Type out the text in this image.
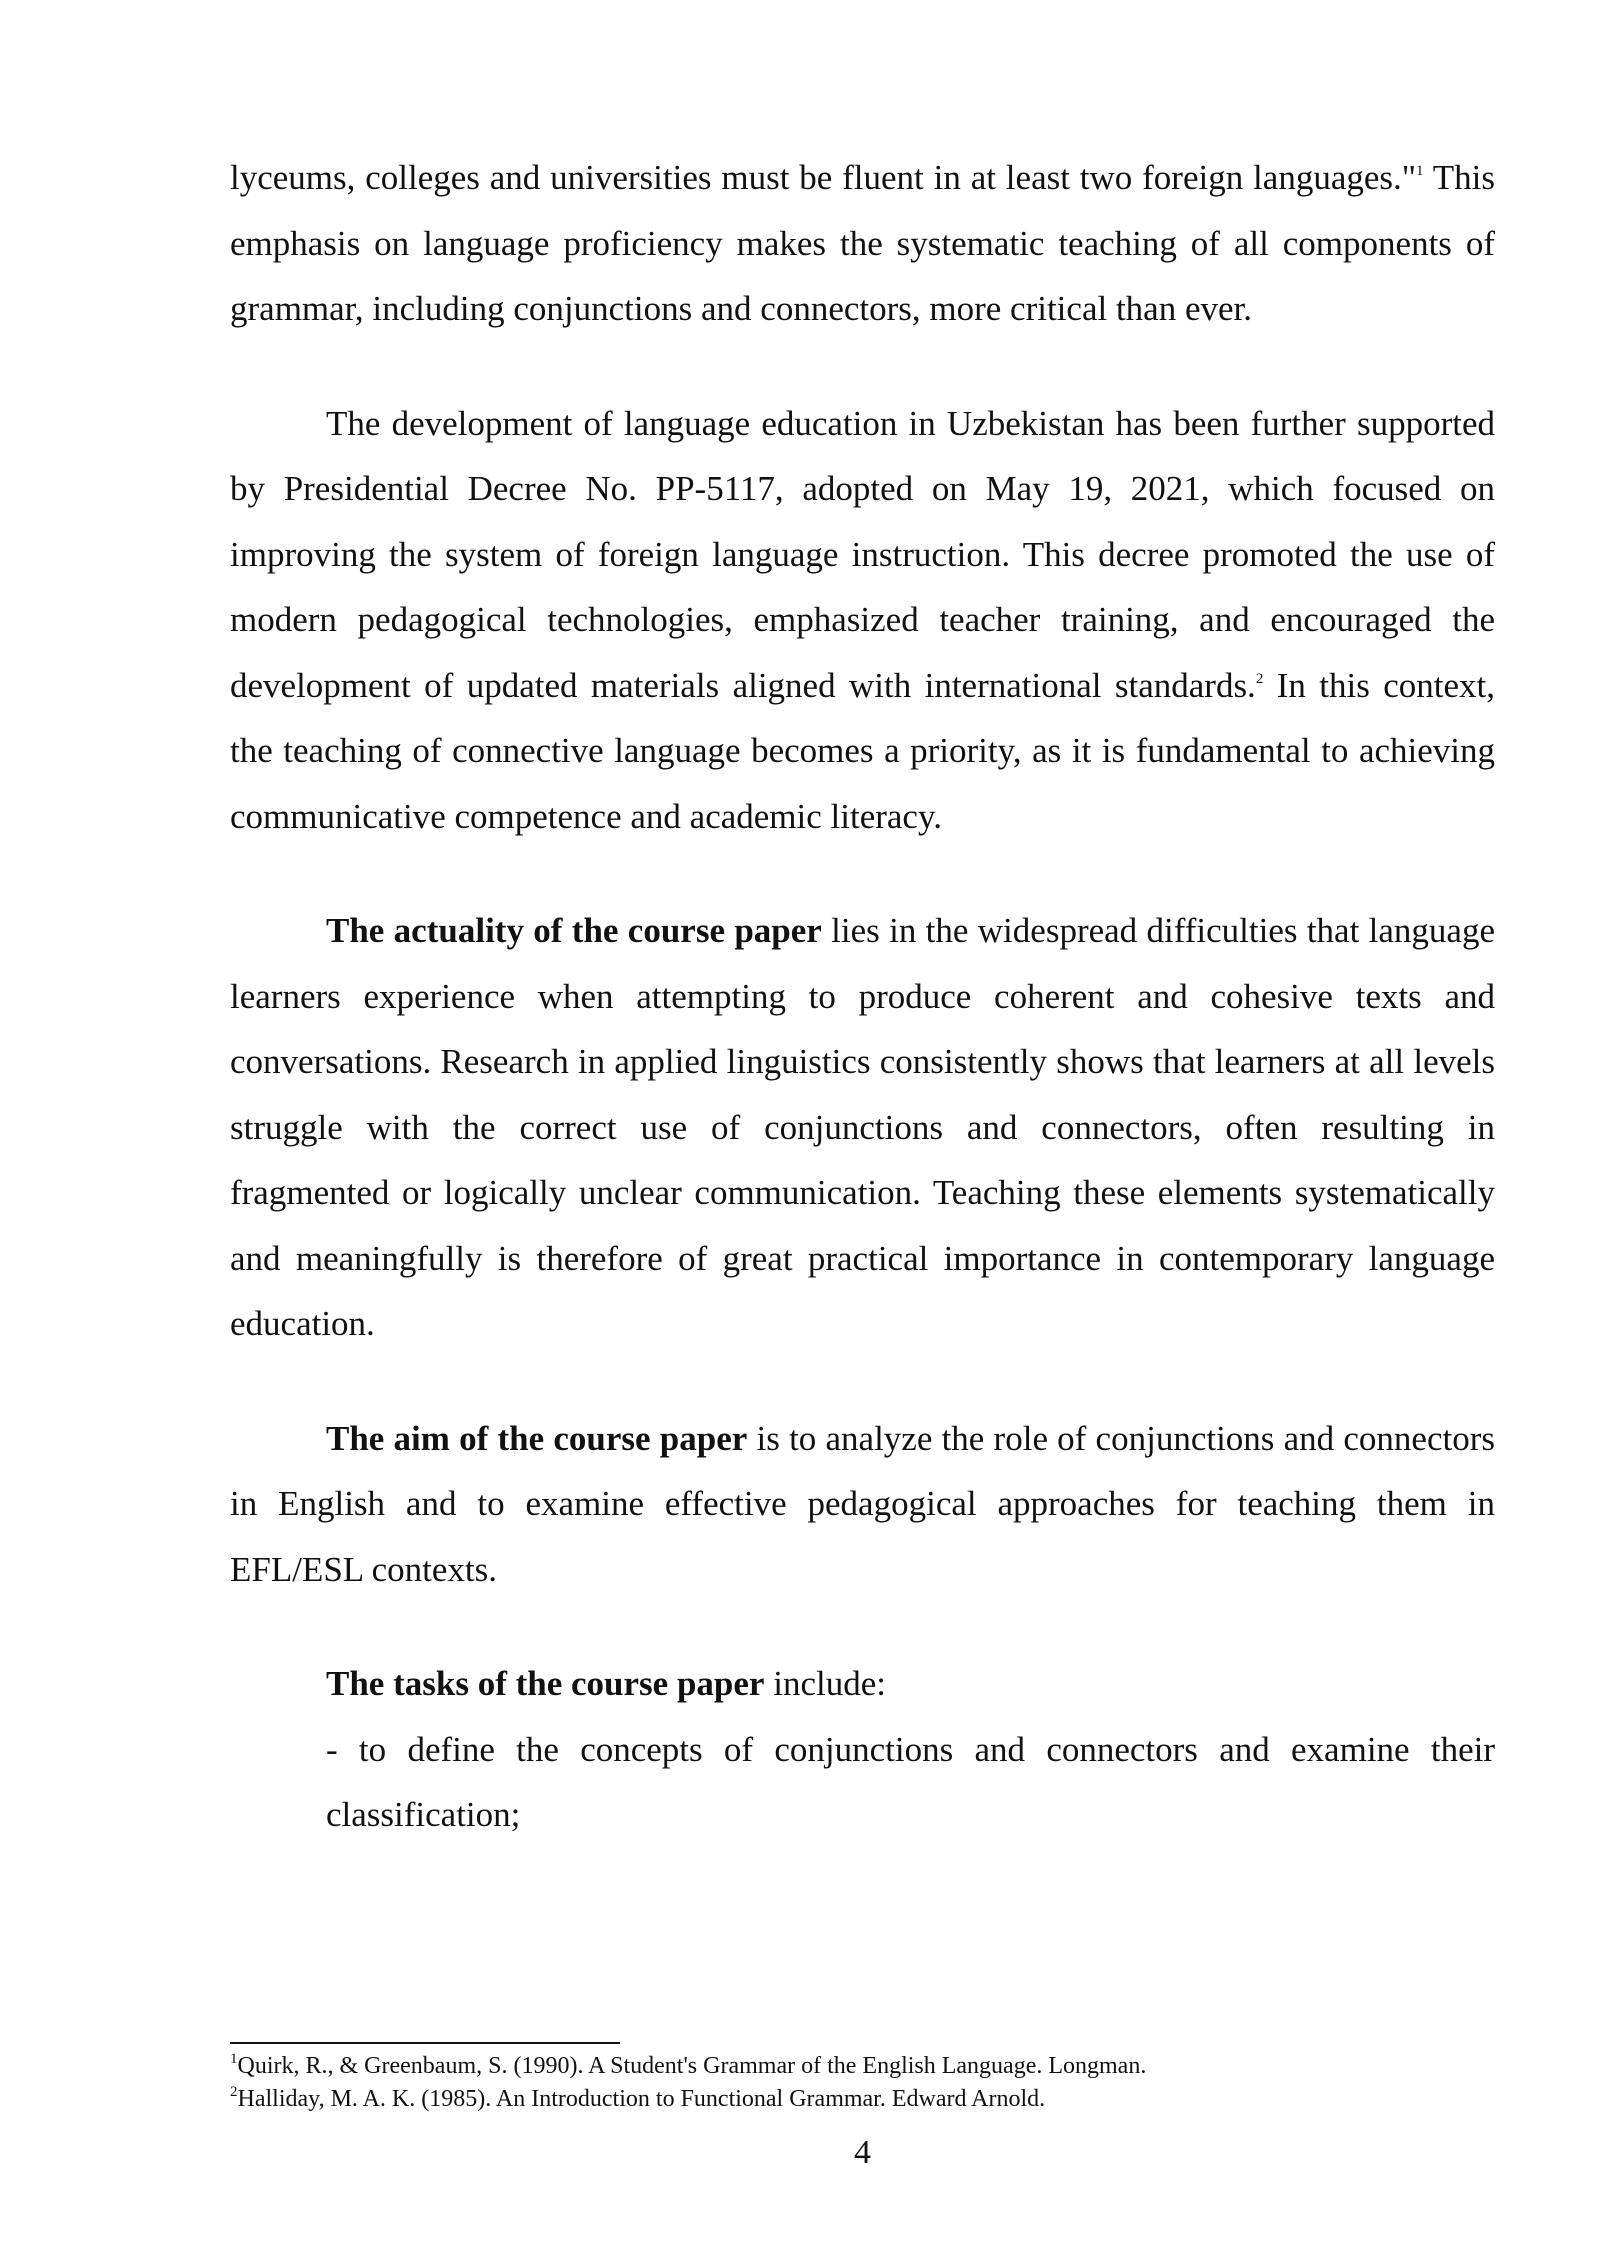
lyceums, colleges and universities must be fluent in at least two foreign languages."$^1$ This emphasis on language proficiency makes the systematic teaching of all components of grammar, including conjunctions and connectors, more critical than ever.

The development of language education in Uzbekistan has been further supported by Presidential Decree No. PP-5117, adopted on May 19, 2021, which focused on improving the system of foreign language instruction. This decree promoted the use of modern pedagogical technologies, emphasized teacher training, and encouraged the development of updated materials aligned with international standards.$^2$ In this context, the teaching of connective language becomes a priority, as it is fundamental to achieving communicative competence and academic literacy.

The actuality of the course paper lies in the widespread difficulties that language learners experience when attempting to produce coherent and cohesive texts and conversations. Research in applied linguistics consistently shows that learners at all levels struggle with the correct use of conjunctions and connectors, often resulting in fragmented or logically unclear communication. Teaching these elements systematically and meaningfully is therefore of great practical importance in contemporary language education.

The aim of the course paper is to analyze the role of conjunctions and connectors in English and to examine effective pedagogical approaches for teaching them in EFL/ESL contexts.

The tasks of the course paper include:

- to define the concepts of conjunctions and connectors and examine their classification;

$^1$Quirk, R., & Greenbaum, S. (1990). A Student's Grammar of the English Language. Longman.
$^2$Halliday, M. A. K. (1985). An Introduction to Functional Grammar. Edward Arnold.
4
